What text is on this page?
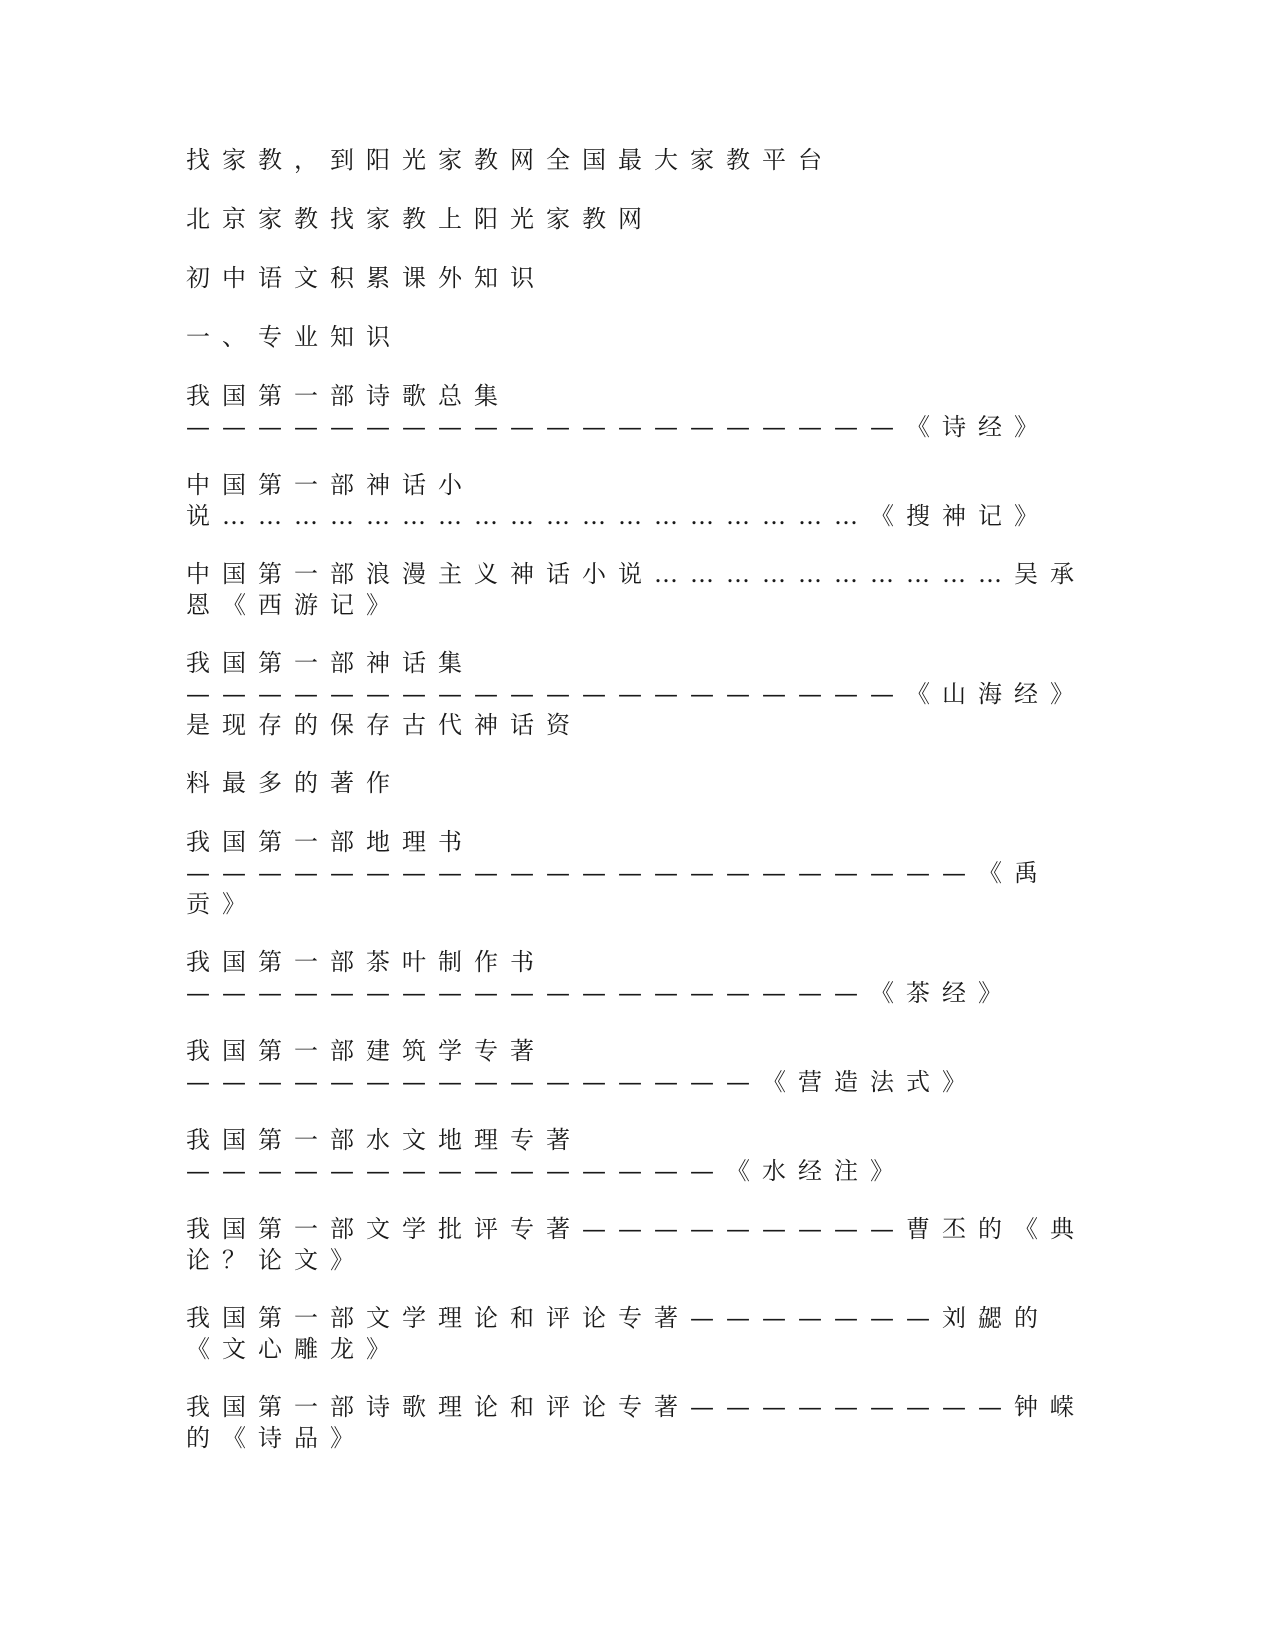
找家教，到阳光家教网全国最大家教平台

北京家教找家教上阳光家教网

初中语文积累课外知识

一、专业知识

我国第一部诗歌总集————————————————————《诗经》

中国第一部神话小说………………………………………………《搜神记》

中国第一部浪漫主义神话小说…………………………吴承恩《西游记》

我国第一部神话集————————————————————《山海经》是现存的保存古代神话资

料最多的著作

我国第一部地理书——————————————————————《禹贡》

我国第一部茶叶制作书———————————————————《茶经》

我国第一部建筑学专著————————————————《营造法式》

我国第一部水文地理专著———————————————《水经注》

我国第一部文学批评专著—————————曹丕的《典论？论文》

我国第一部文学理论和评论专著———————刘勰的《文心雕龙》

我国第一部诗歌理论和评论专著—————————钟嵘的《诗品》
